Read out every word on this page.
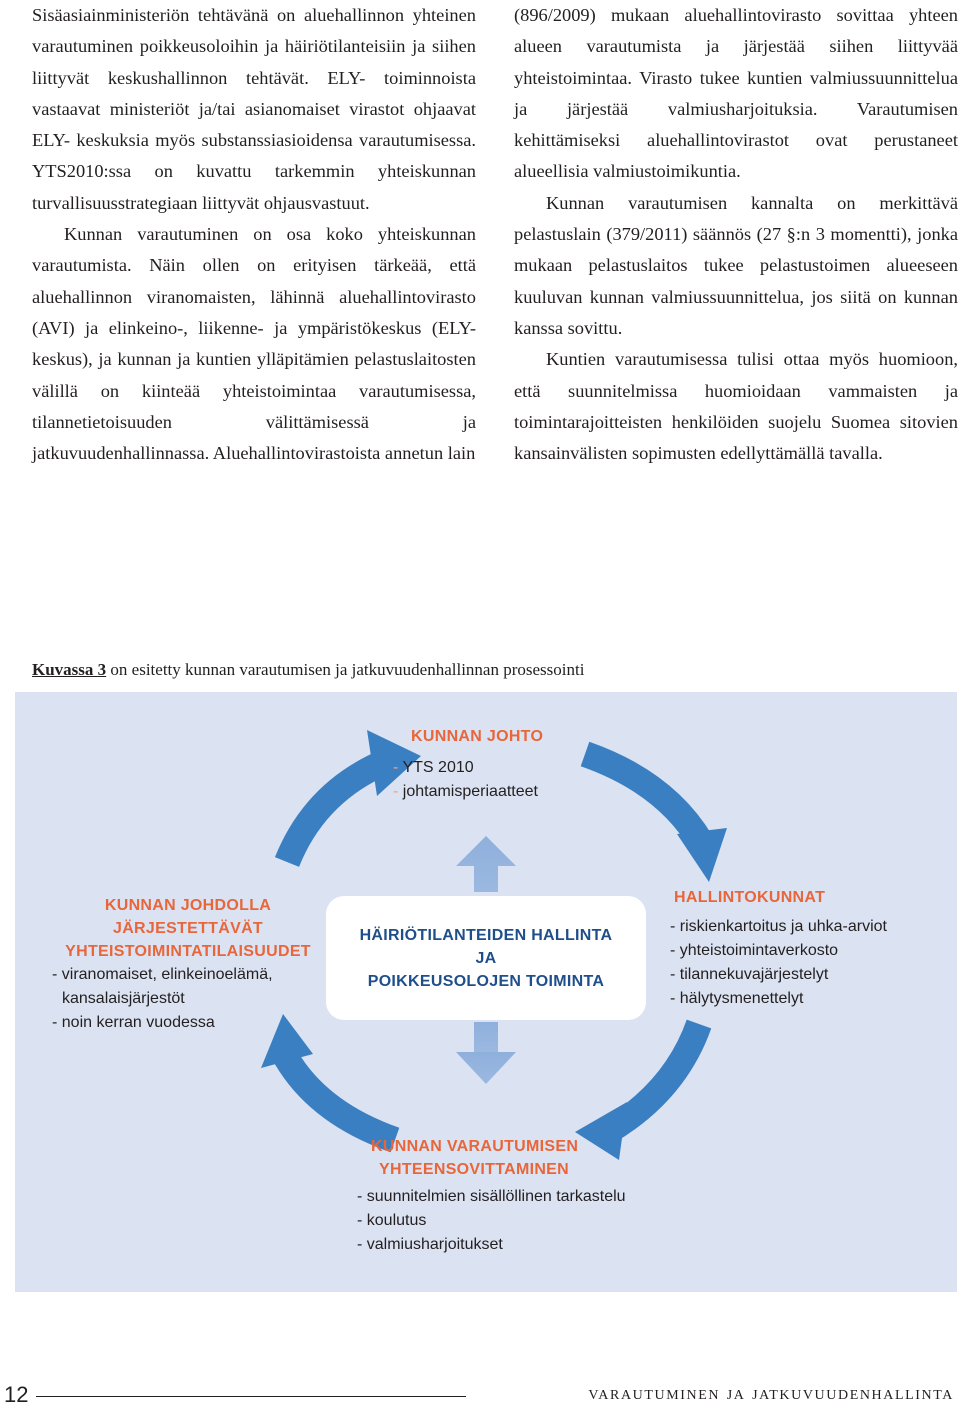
Sisäasiainministeriön tehtävänä on aluehallinnon yhteinen varautuminen poikkeusoloihin ja häiriötilanteisiin ja siihen liittyvät keskushallinnon tehtävät. ELY- toiminnoista vastaavat ministeriöt ja/tai asianomaiset virastot ohjaavat ELY- keskuksia myös substanssiasioidensa varautumisessa. YTS2010:ssa on kuvattu tarkemmin yhteiskunnan turvallisuusstrategiaan liittyvät ohjausvastuut.

Kunnan varautuminen on osa koko yhteiskunnan varautumista. Näin ollen on erityisen tärkeää, että aluehallinnon viranomaisten, lähinnä aluehallintovirasto (AVI) ja elinkeino-, liikenne- ja ympäristökeskus (ELY- keskus), ja kunnan ja kuntien ylläpitämien pelastuslaitosten välillä on kiinteää yhteistoimintaa varautumisessa, tilannetietoisuuden välittämisessä ja jatkuvuudenhallinnassa. Aluehallintovirastoista annetun lain

(896/2009) mukaan aluehallintovirasto sovittaa yhteen alueen varautumista ja järjestää siihen liittyvää yhteistoimintaa. Virasto tukee kuntien valmiussuunnittelua ja järjestää valmiusharjoituksia. Varautumisen kehittämiseksi aluehallintovirastot ovat perustaneet alueellisia valmiustoimikuntia.

Kunnan varautumisen kannalta on merkittävä pelastuslain (379/2011) säännös (27 §:n 3 momentti), jonka mukaan pelastuslaitos tukee pelastustoimen alueeseen kuuluvan kunnan valmiussuunnittelua, jos siitä on kunnan kanssa sovittu.

Kuntien varautumisessa tulisi ottaa myös huomioon, että suunnitelmissa huomioidaan vammaisten ja toimintarajoitteisten henkilöiden suojelu Suomea sitovien kansainvälisten sopimusten edellyttämällä tavalla.

Kuvassa 3 on esitetty kunnan varautumisen ja jatkuvuudenhallinnan prosessointi
KUNNAN JOHTO
- YTS 2010
- johtamisperiaatteet
KUNNAN JOHDOLLA
JÄRJESTETTÄVÄT
YHTEISTOIMINTATILAISUUDET
- viranomaiset, elinkeinoelämä,
kansalaisjärjestöt
- noin kerran vuodessa
HÄIRIÖTILANTEIDEN HALLINTA
JA
POIKKEUSOLOJEN TOIMINTA
HALLINTOKUNNAT
- riskienkartoitus ja uhka-arviot
- yhteistoimintaverkosto
- tilannekuvajärjestelyt
- hälytysmenettelyt
KUNNAN VARAUTUMISEN
YHTEENSOVITTAMINEN
- suunnitelmien sisällöllinen tarkastelu
- koulutus
- valmiusharjoitukset
12	varautuminen ja jatkuvuudenhallinta
